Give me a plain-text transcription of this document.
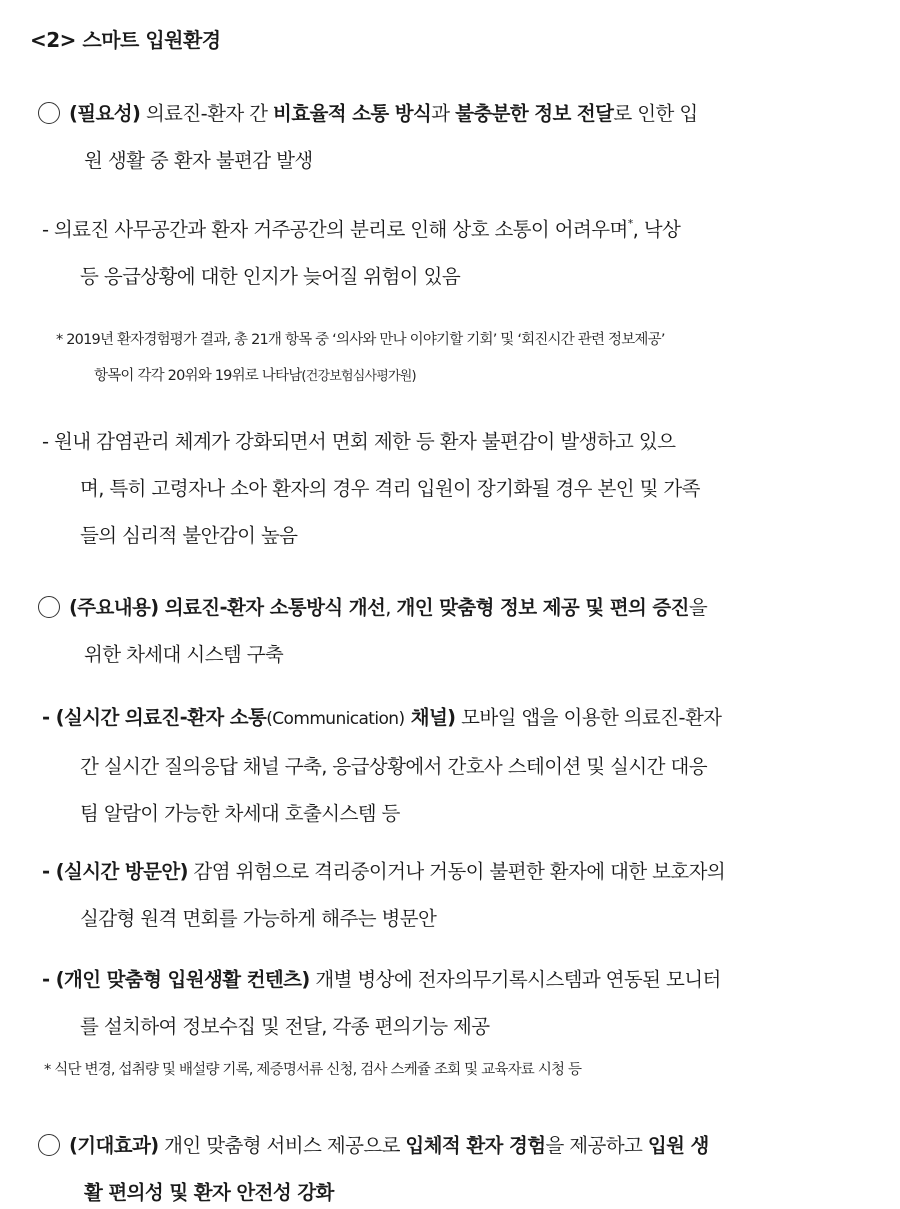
<2> 스마트 입원환경
(필요성) 의료진-환자 간 비효율적 소통 방식과 불충분한 정보 전달로 인한 입
원 생활 중 환자 불편감 발생
- 의료진 사무공간과 환자 거주공간의 분리로 인해 상호 소통이 어려우며*, 낙상
등 응급상황에 대한 인지가 늦어질 위험이 있음
* 2019년 환자경험평가 결과, 총 21개 항목 중 ‘의사와 만나 이야기할 기회’ 및 ‘회진시간 관련 정보제공’
항목이 각각 20위와 19위로 나타남(건강보험심사평가원)
- 원내 감염관리 체계가 강화되면서 면회 제한 등 환자 불편감이 발생하고 있으
며, 특히 고령자나 소아 환자의 경우 격리 입원이 장기화될 경우 본인 및 가족
들의 심리적 불안감이 높음
(주요내용) 의료진-환자 소통방식 개선, 개인 맞춤형 정보 제공 및 편의 증진을
위한 차세대 시스템 구축
- (실시간 의료진-환자 소통(Communication) 채널) 모바일 앱을 이용한 의료진-환자
간 실시간 질의응답 채널 구축, 응급상황에서 간호사 스테이션 및 실시간 대응
팀 알람이 가능한 차세대 호출시스템 등
- (실시간 방문안) 감염 위험으로 격리중이거나 거동이 불편한 환자에 대한 보호자의
실감형 원격 면회를 가능하게 해주는 병문안
- (개인 맞춤형 입원생활 컨텐츠) 개별 병상에 전자의무기록시스템과 연동된 모니터
를 설치하여 정보수집 및 전달, 각종 편의기능 제공
* 식단 변경, 섭취량 및 배설량 기록, 제증명서류 신청, 검사 스케쥴 조회 및 교육자료 시청 등
(기대효과) 개인 맞춤형 서비스 제공으로 입체적 환자 경험을 제공하고 입원 생
활 편의성 및 환자 안전성 강화
